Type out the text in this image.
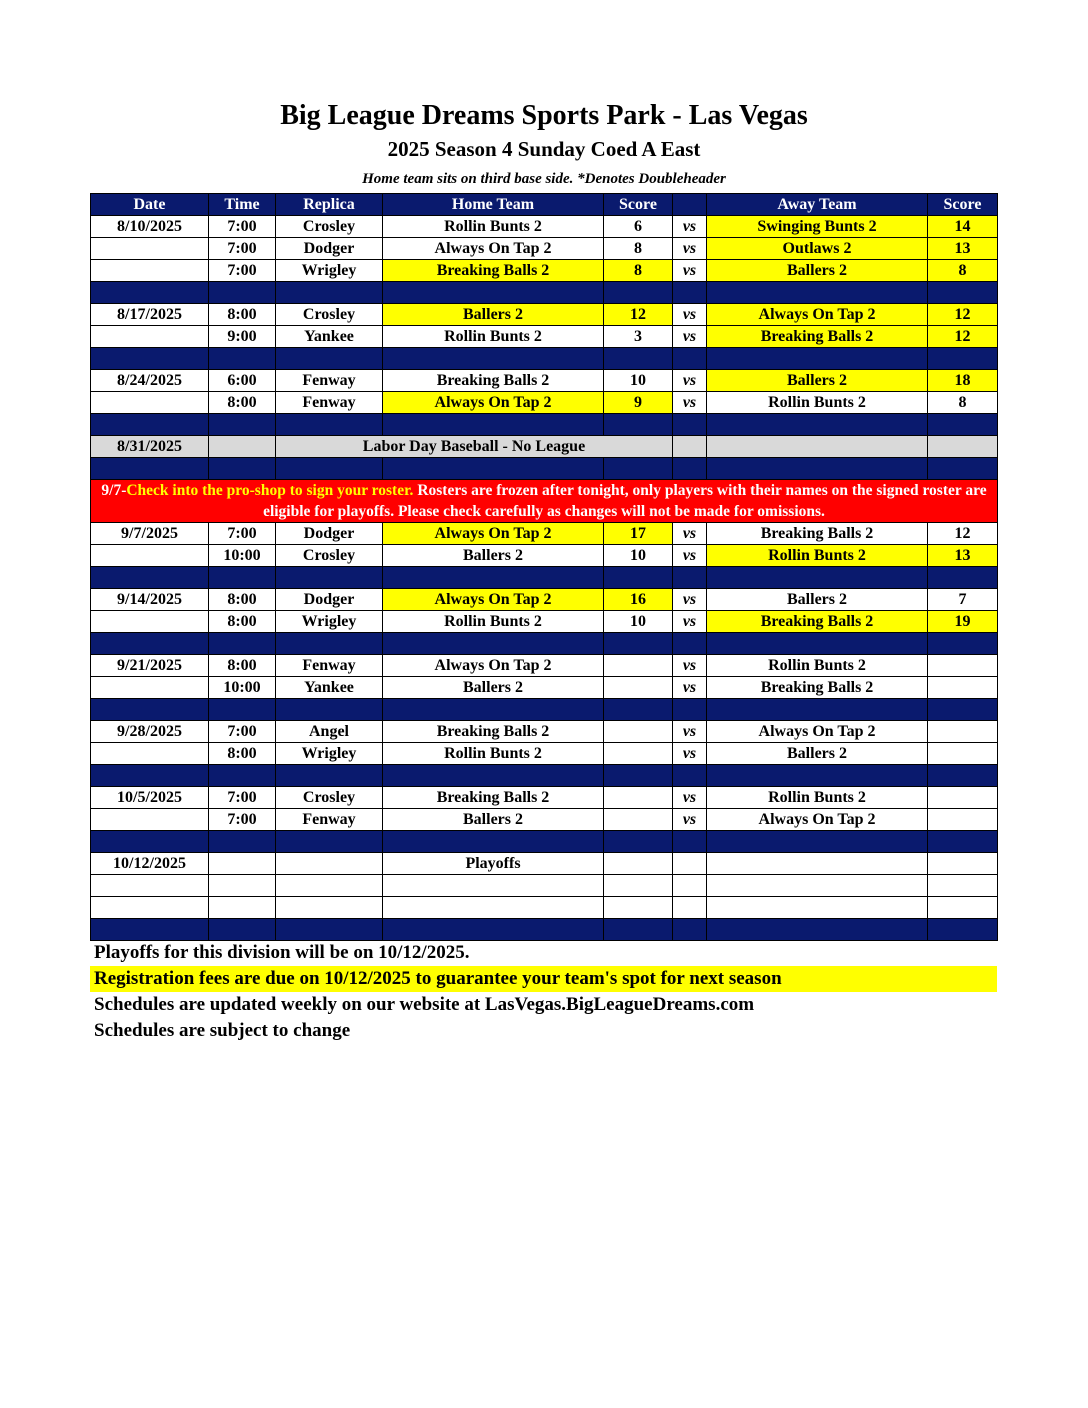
Big League Dreams Sports Park - Las Vegas
2025 Season 4 Sunday Coed A East
Home team sits on third base side. *Denotes Doubleheader
Date	Time	Replica	Home Team	Score		Away Team	Score
8/10/2025	7:00	Crosley	Rollin Bunts 2	6	vs	Swinging Bunts 2	14
	7:00	Dodger	Always On Tap 2	8	vs	Outlaws 2	13
	7:00	Wrigley	Breaking Balls 2	8	vs	Ballers 2	8

8/17/2025	8:00	Crosley	Ballers 2	12	vs	Always On Tap 2	12
	9:00	Yankee	Rollin Bunts 2	3	vs	Breaking Balls 2	12

8/24/2025	6:00	Fenway	Breaking Balls 2	10	vs	Ballers 2	18
	8:00	Fenway	Always On Tap 2	9	vs	Rollin Bunts 2	8

8/31/2025		Labor Day Baseball - No League					

9/7-Check into the pro-shop to sign your roster. Rosters are frozen after tonight, only players with their names on the signed roster are eligible for playoffs. Please check carefully as changes will not be made for omissions.							
9/7/2025	7:00	Dodger	Always On Tap 2	17	vs	Breaking Balls 2	12
	10:00	Crosley	Ballers 2	10	vs	Rollin Bunts 2	13

9/14/2025	8:00	Dodger	Always On Tap 2	16	vs	Ballers 2	7
	8:00	Wrigley	Rollin Bunts 2	10	vs	Breaking Balls 2	19

9/21/2025	8:00	Fenway	Always On Tap 2		vs	Rollin Bunts 2	
	10:00	Yankee	Ballers 2		vs	Breaking Balls 2	

9/28/2025	7:00	Angel	Breaking Balls 2		vs	Always On Tap 2	
	8:00	Wrigley	Rollin Bunts 2		vs	Ballers 2	

10/5/2025	7:00	Crosley	Breaking Balls 2		vs	Rollin Bunts 2	
	7:00	Fenway	Ballers 2		vs	Always On Tap 2	

10/12/2025			Playoffs				

Playoffs for this division will be on 10/12/2025.
Registration fees are due on 10/12/2025 to guarantee your team's spot for next season
Schedules are updated weekly on our website at LasVegas.BigLeagueDreams.com
Schedules are subject to change
